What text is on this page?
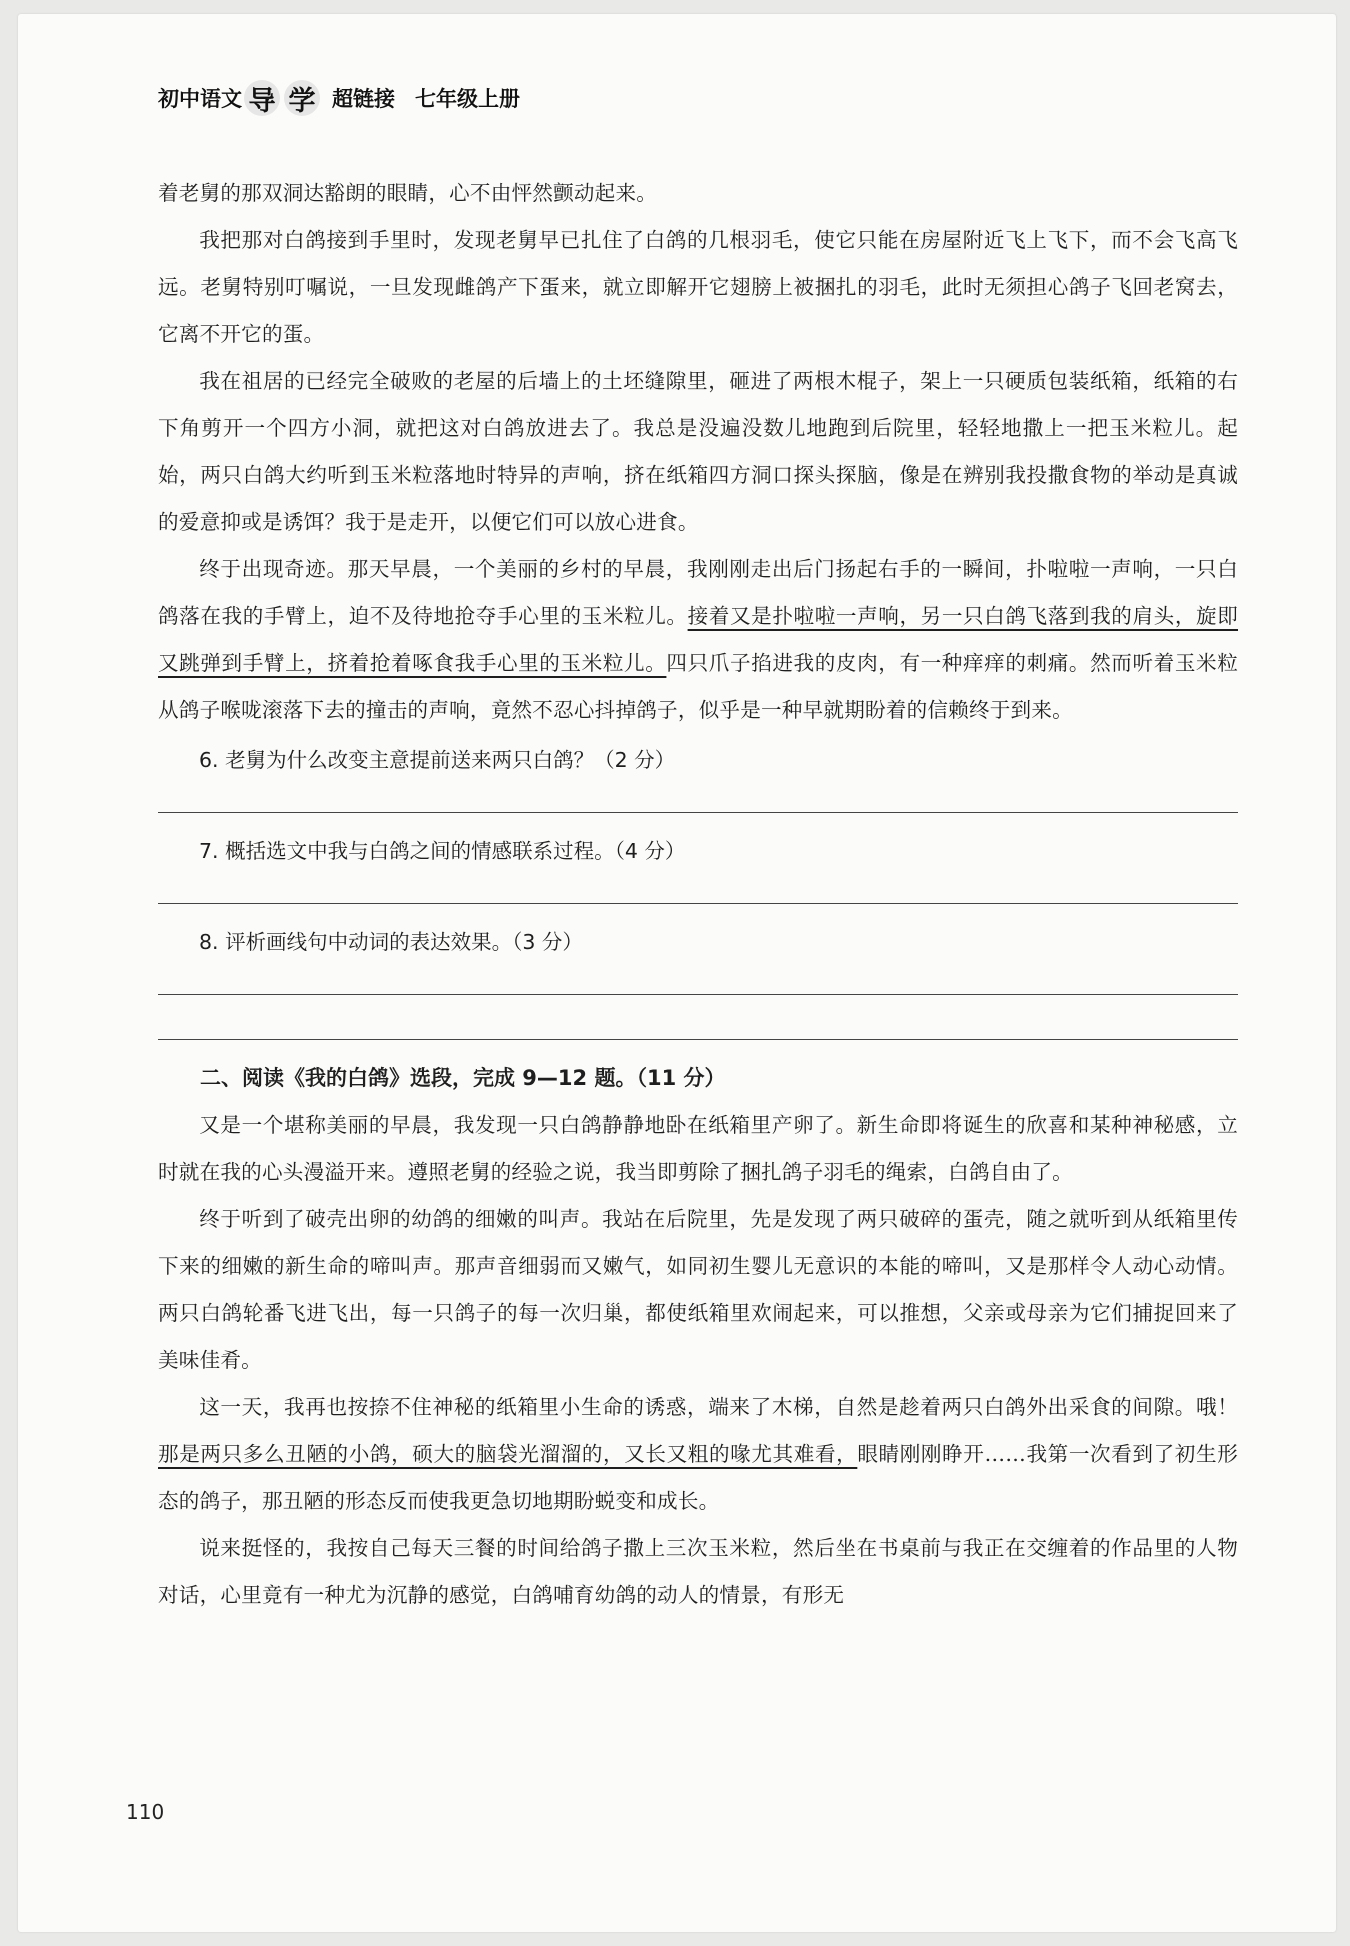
初中语文 导 学 超链接 七年级上册

着老舅的那双洞达豁朗的眼睛，心不由怦然颤动起来。

我把那对白鸽接到手里时，发现老舅早已扎住了白鸽的几根羽毛，使它只能在房屋附近飞上飞下，而不会飞高飞远。老舅特别叮嘱说，一旦发现雌鸽产下蛋来，就立即解开它翅膀上被捆扎的羽毛，此时无须担心鸽子飞回老窝去，它离不开它的蛋。

我在祖居的已经完全破败的老屋的后墙上的土坯缝隙里，砸进了两根木棍子，架上一只硬质包装纸箱，纸箱的右下角剪开一个四方小洞，就把这对白鸽放进去了。我总是没遍没数儿地跑到后院里，轻轻地撒上一把玉米粒儿。起始，两只白鸽大约听到玉米粒落地时特异的声响，挤在纸箱四方洞口探头探脑，像是在辨别我投撒食物的举动是真诚的爱意抑或是诱饵？我于是走开，以便它们可以放心进食。

终于出现奇迹。那天早晨，一个美丽的乡村的早晨，我刚刚走出后门扬起右手的一瞬间，扑啦啦一声响，一只白鸽落在我的手臂上，迫不及待地抢夺手心里的玉米粒儿。接着又是扑啦啦一声响，另一只白鸽飞落到我的肩头，旋即又跳弹到手臂上，挤着抢着啄食我手心里的玉米粒儿。四只爪子掐进我的皮肉，有一种痒痒的刺痛。然而听着玉米粒从鸽子喉咙滚落下去的撞击的声响，竟然不忍心抖掉鸽子，似乎是一种早就期盼着的信赖终于到来。

6. 老舅为什么改变主意提前送来两只白鸽？（2 分）
7. 概括选文中我与白鸽之间的情感联系过程。（4 分）
8. 评析画线句中动词的表达效果。（3 分）
二、阅读《我的白鸽》选段，完成 9—12 题。（11 分）

又是一个堪称美丽的早晨，我发现一只白鸽静静地卧在纸箱里产卵了。新生命即将诞生的欣喜和某种神秘感，立时就在我的心头漫溢开来。遵照老舅的经验之说，我当即剪除了捆扎鸽子羽毛的绳索，白鸽自由了。

终于听到了破壳出卵的幼鸽的细嫩的叫声。我站在后院里，先是发现了两只破碎的蛋壳，随之就听到从纸箱里传下来的细嫩的新生命的啼叫声。那声音细弱而又嫩气，如同初生婴儿无意识的本能的啼叫，又是那样令人动心动情。两只白鸽轮番飞进飞出，每一只鸽子的每一次归巢，都使纸箱里欢闹起来，可以推想，父亲或母亲为它们捕捉回来了美味佳肴。

这一天，我再也按捺不住神秘的纸箱里小生命的诱惑，端来了木梯，自然是趁着两只白鸽外出采食的间隙。哦！那是两只多么丑陋的小鸽，硕大的脑袋光溜溜的，又长又粗的喙尤其难看，眼睛刚刚睁开……我第一次看到了初生形态的鸽子，那丑陋的形态反而使我更急切地期盼蜕变和成长。

说来挺怪的，我按自己每天三餐的时间给鸽子撒上三次玉米粒，然后坐在书桌前与我正在交缠着的作品里的人物对话，心里竟有一种尤为沉静的感觉，白鸽哺育幼鸽的动人的情景，有形无

110
